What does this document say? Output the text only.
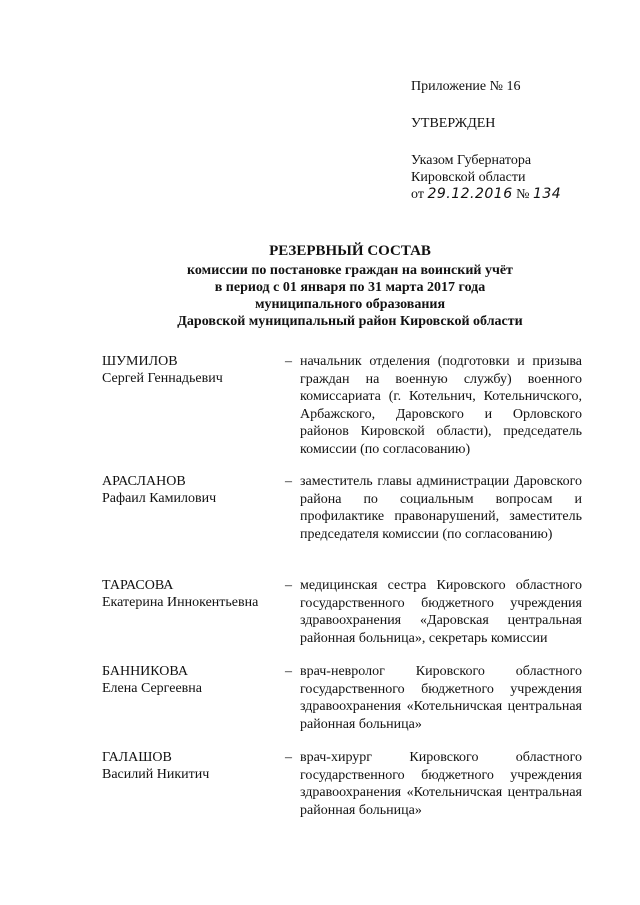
Приложение № 16

УТВЕРЖДЕН

Указом Губернатора

Кировской области

от 29.12.2016 № 134

РЕЗЕРВНЫЙ СОСТАВ
комиссии по постановке граждан на воинский учёт
в период с 01 января по 31 марта 2017 года
муниципального образования
Даровской муниципальный район Кировской области
ШУМИЛОВ
Сергей Геннадьевич
– начальник отделения (подготовки и призыва граждан на военную службу) военного комиссариата (г. Котельнич, Котельничского, Арбажского, Даровского и Орловского районов Кировской области), председатель комиссии (по согласованию)
АРАСЛАНОВ
Рафаил Камилович
– заместитель главы администрации Даровского района по социальным вопросам и профилактике правонарушений, заместитель председателя комиссии (по согласованию)
ТАРАСОВА
Екатерина Иннокентьевна
– медицинская сестра Кировского областного государственного бюджетного учреждения здравоохранения «Даровская центральная районная больница», секретарь комиссии
БАННИКОВА
Елена Сергеевна
– врач-невролог Кировского областного государственного бюджетного учреждения здравоохранения «Котельничская центральная районная больница»
ГАЛАШОВ
Василий Никитич
– врач-хирург Кировского областного государственного бюджетного учреждения здравоохранения «Котельничская центральная районная больница»
